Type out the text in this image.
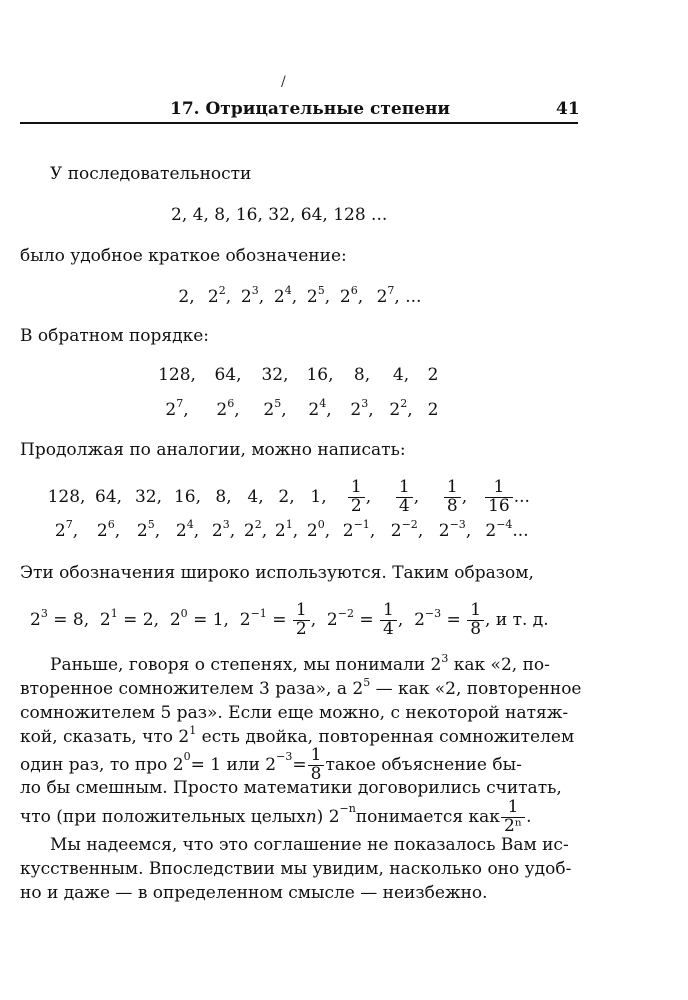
/
17. Отрицательные степени	41
У последовательности
2, 4, 8, 16, 32, 64, 128 ...
было удобное краткое обозначение:
2, $2^2$, $2^3$, $2^4$, $2^5$, $2^6$, $2^7$, ...
В обратном порядке:
128,	64,	32,	16,	8,	4,	2
$2^7$,	$2^6$,	$2^5$,	$2^4$,	$2^3$, $2^2$, 2
Продолжая по аналогии, можно написать:
128, 64, 32, 16, 8, 4, 2, 1,	$\frac{1}{2}$ ,	$\frac{1}{4}$ ,	$\frac{1}{8}$ ,	$\frac{1}{16}$ ...
$2^7$,	$2^6$, $2^5$, $2^4$, $2^3$, $2^2$, $2^1$, $2^0$, $2^{-1}$, $2^{-2}$, $2^{-3}$, $2^{-4}$...
Эти обозначения широко используются. Таким образом,
$2^3 = 8$,
$2^1 = 2$,
$2^0 = 1$,
$2^{-1} = \frac{1}{2}$ ,
$2^{-2} = \frac{1}{4}$ ,
$2^{-3} = \frac{1}{8}$ ,
и т. д.
Раньше, говоря о степенях, мы понимали $2^3$ как «2, по-
вторенное сомножителем 3 раза», а $2^5$ — как «2, повторенное
сомножителем 5 раз». Если еще можно, с некоторой натяж-
кой, сказать, что $2^1$ есть двойка, повторенная сомножителем
один раз, то про $2^0 = 1$ или $2^{-3} = \frac{1}{8}$ такое объяснение бы-
ло бы смешным. Просто математики договорились считать,
что (при положительных целых n ) $2^{-n}$ понимается как $\frac{1}{\text{2ⁿ}}$ .
Мы надеемся, что это соглашение не показалось Вам ис-
кусственным. Впоследствии мы увидим, насколько оно удоб-
но и даже — в определенном смысле — неизбежно.
